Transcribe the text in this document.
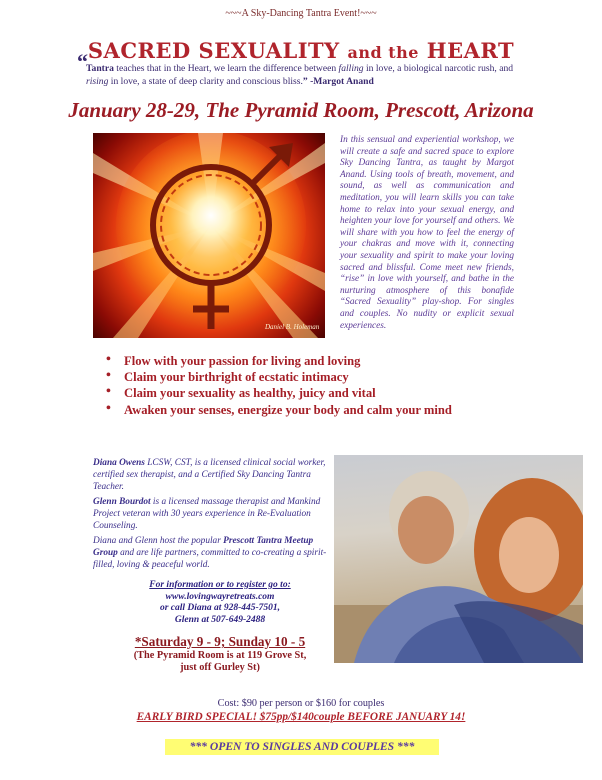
~~~A Sky-Dancing Tantra Event!~~~
SACRED SEXUALITY and the HEART
“
Tantra teaches that in the Heart, we learn the difference between falling in love, a biological narcotic rush, and rising in love, a state of deep clarity and conscious bliss.” -Margot Anand
January 28-29, The Pyramid Room, Prescott, Arizona
Daniel B. Holeman
In this sensual and experiential workshop, we will create a safe and sacred space to explore Sky Dancing Tantra, as taught by Margot Anand. Using tools of breath, movement, and sound, as well as communication and meditation, you will learn skills you can take home to relax into your sexual energy, and heighten your love for yourself and others. We will share with you how to feel the energy of your chakras and move with it, connecting your sexuality and spirit to make your loving sacred and blissful. Come meet new friends, “rise” in love with yourself, and bathe in the nurturing atmosphere of this bonafide “Sacred Sexuality” play-shop. For singles and couples. No nudity or explicit sexual experiences.
• Flow with your passion for living and loving
• Claim your birthright of ecstatic intimacy
• Claim your sexuality as healthy, juicy and vital
• Awaken your senses, energize your body and calm your mind
Diana Owens LCSW, CST, is a licensed clinical social worker, certified sex therapist, and a Certified Sky Dancing Tantra Teacher.
Glenn Bourdot is a licensed massage therapist and Mankind Project veteran with 30 years experience in Re-Evaluation Counseling.
Diana and Glenn host the popular Prescott Tantra Meetup Group and are life partners, committed to co-creating a spirit-filled, loving & peaceful world.
For information or to register go to:
www.lovingwayretreats.com
or call Diana at 928-445-7501,
Glenn at 507-649-2488
*Saturday 9 - 9; Sunday 10 - 5
(The Pyramid Room is at 119 Grove St,
just off Gurley St)
Cost: $90 per person or $160 for couples
EARLY BIRD SPECIAL! $75pp/$140couple BEFORE JANUARY 14!
*** OPEN TO SINGLES AND COUPLES ***
